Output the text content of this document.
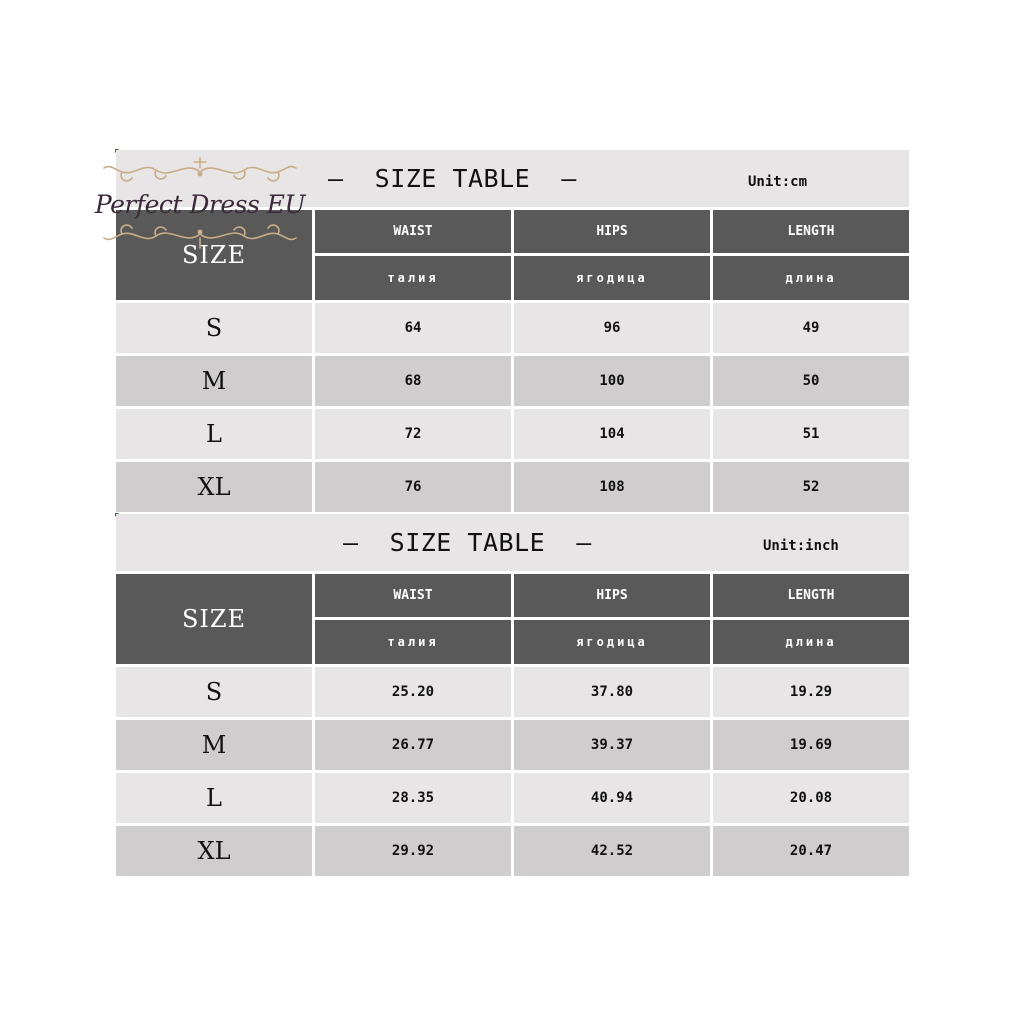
—  SIZE TABLE  —	Unit:cm
SIZE
WAIST	HIPS	LENGTH
талия	ягодица	длина
S	64	96	49
M	68	100	50
L	72	104	51
XL	76	108	52
—  SIZE TABLE  —	Unit:inch
SIZE
WAIST	HIPS	LENGTH
талия	ягодица	длина
S	25.20	37.80	19.29
M	26.77	39.37	19.69
L	28.35	40.94	20.08
XL	29.92	42.52	20.47
Perfect Dress EU
